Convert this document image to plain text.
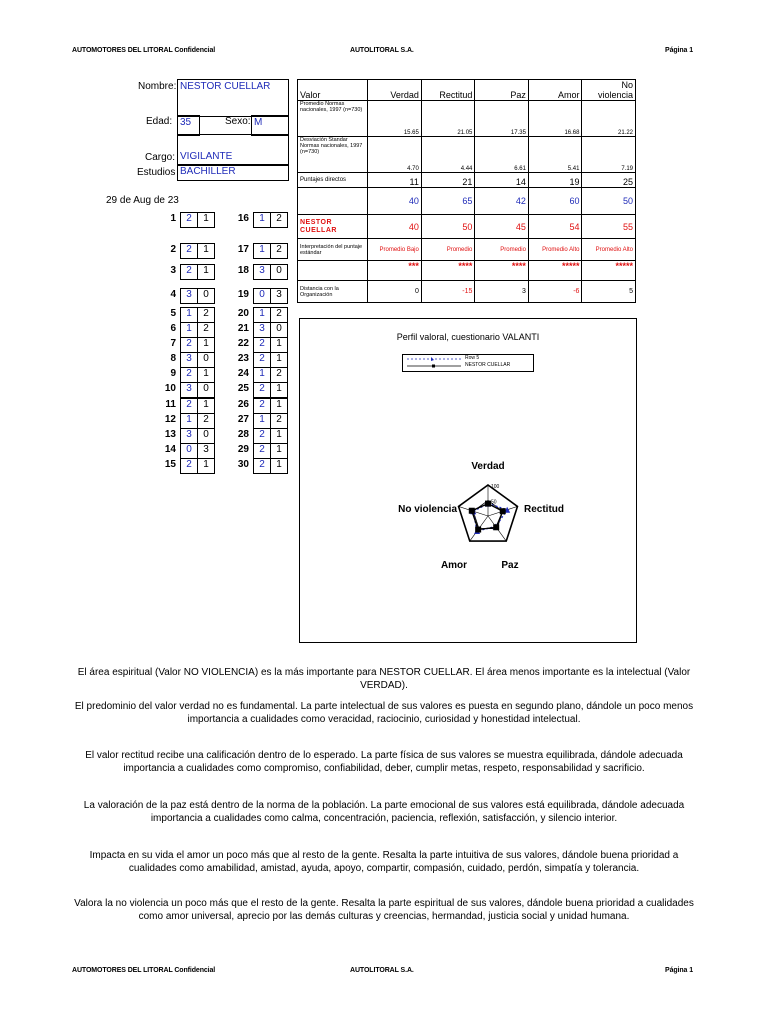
AUTOMOTORES DEL LITORAL Confidencial	AUTOLITORAL S.A.	Página 1
Nombre: NESTOR CUELLAR
Edad: 35	Sexo: M
Cargo: VIGILANTE
Estudios BACHILLER
29 de Aug de 23
Valor	Verdad	Rectitud	Paz	Amor	No violencia
Promedio Normas nacionales, 1997 (n=730)	15.65	21.05	17.35	16.68	21.22
Desviación Standar Normas nacionales, 1997 (n=730)	4.70	4.44	6.61	5.41	7.19
Puntajes directos	11	21	14	19	25
	40	65	42	60	50
NESTOR CUELLAR	40	50	45	54	55
Interpretación del puntaje estándar	Promedio Bajo	Promedio	Promedio	Promedio Alto	Promedio Alto
	***	****	****	*****	*****
Distancia con la Organización	0	-15	3	-6	5
1	2	1
2	2	1
3	2	1
4	3	0
5	1	2
6	1	2
7	2	1
8	3	0
9	2	1
10	3	0
11	2	1
12	1	2
13	3	0
14	0	3
15	2	1
16	1	2
17	1	2
18	3	0
19	0	3
20	1	2
21	3	0
22	2	1
23	2	1
24	1	2
25	2	1
26	2	1
27	1	2
28	2	1
29	2	1
30	2	1
Perfil valoral, cuestionario VALANTI
Row 5
NESTOR CUELLAR
100
50
Verdad
Rectitud
Paz
Amor
No violencia
El área espiritual (Valor NO VIOLENCIA) es la más importante para NESTOR CUELLAR. El área menos importante es la intelectual (Valor VERDAD).
El predominio del valor verdad no es fundamental. La parte intelectual de sus valores es puesta en segundo plano, dándole un poco menos importancia a cualidades como veracidad, raciocinio, curiosidad y honestidad intelectual.
El valor rectitud recibe una calificación dentro de lo esperado. La parte física de sus valores se muestra equilibrada, dándole adecuada importancia a cualidades como compromiso, confiabilidad, deber, cumplir metas, respeto, responsabilidad y sacrificio.
La valoración de la paz está dentro de la norma de la población. La parte emocional de sus valores está equilibrada, dándole adecuada importancia a cualidades como calma, concentración, paciencia, reflexión, satisfacción, y silencio interior.
Impacta en su vida el amor un poco más que al resto de la gente. Resalta la parte intuitiva de sus valores, dándole buena prioridad a cualidades como amabilidad, amistad, ayuda, apoyo, compartir, compasión, cuidado, perdón, simpatía y tolerancia.
Valora la no violencia un poco más que el resto de la gente. Resalta la parte espiritual de sus valores, dándole buena prioridad a cualidades como amor universal, aprecio por las demás culturas y creencias, hermandad, justicia social y unidad humana.
AUTOMOTORES DEL LITORAL Confidencial	AUTOLITORAL S.A.	Página 1
